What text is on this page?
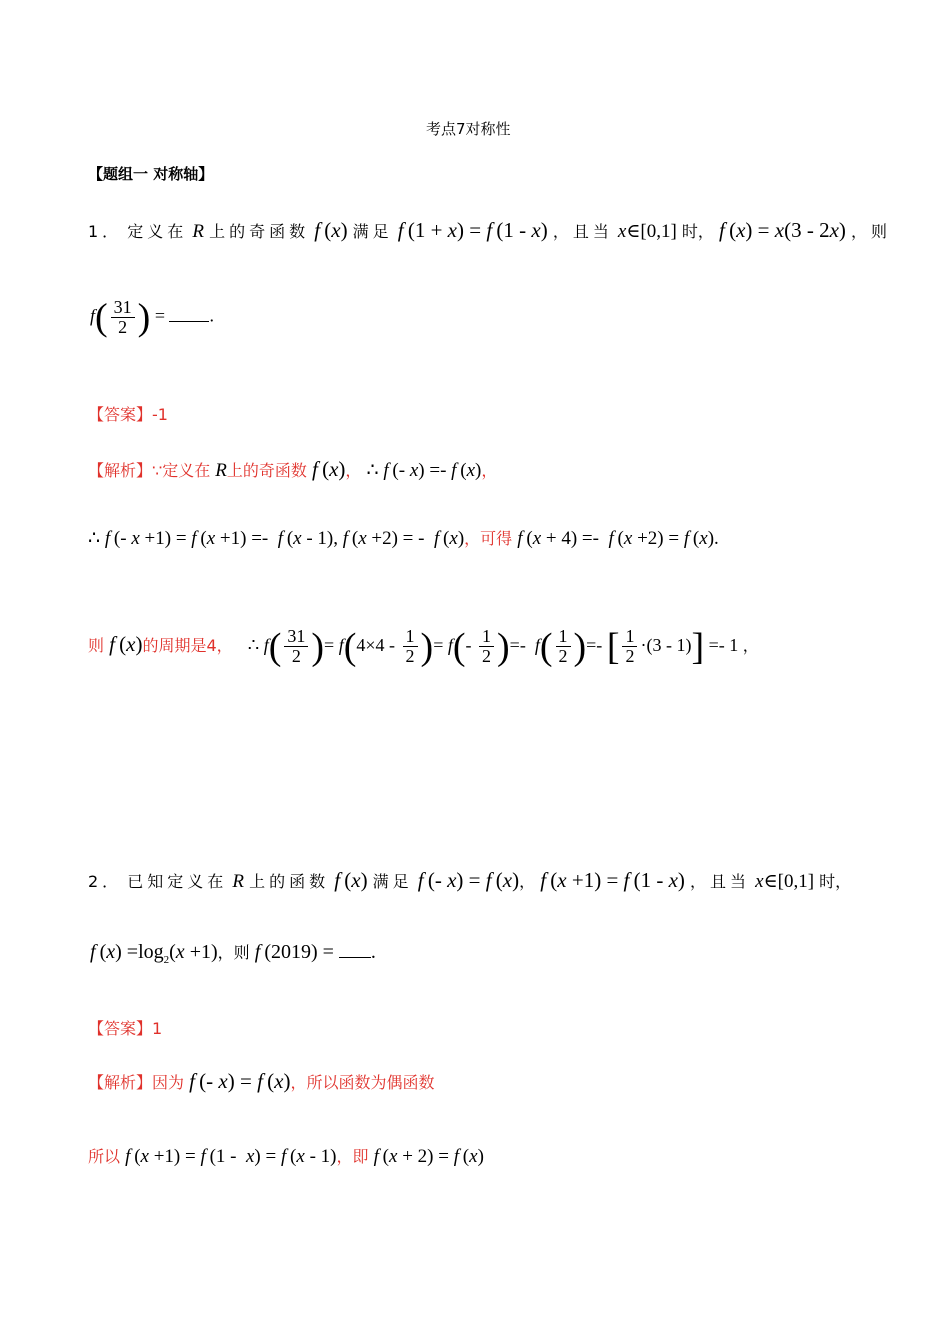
考点7对称性
【题组一 对称轴】
1． 定义在 R 上的奇函数 f (x) 满足 f (1 + x) = f (1 - x) ，且当 x∈[0,1] 时， f (x) = x(3 - 2x) ，则
$f( \frac{31}{2}$ ) = .
【答案】-1
【解析】∵定义在 R上的奇函数 f (x)， ∴ f (- x) =- f (x)，
∴ f (- x +1) = f (x +1) =-  f (x - 1), f (x +2) = -  f (x)，可得 f (x + 4) =-  f (x +2) = f (x).
则 f (x)的周期是4， ∴ $f( \frac{31}{2}$ )= $f(4\times 4 - \frac{1}{2}$ )= $f(- \frac{1}{2}$ )=-  $f( \frac{1}{2}$ )=- [ $\frac{1}{2} \cdot(3 - 1)] =- 1$ ，
2． 已知定义在 R 上的函数 f (x) 满足 f (- x) = f (x)， f (x +1) = f (1 - x) ，且当 x∈[0,1] 时，
f $(x) =\log_2(x +1)$，则 f (2019) = .
【答案】1
【解析】因为 f (- x) = f (x)，所以函数为偶函数
所以 f (x +1) = f (1 -  x) = f (x - 1)，即 f (x + 2) = f (x)
